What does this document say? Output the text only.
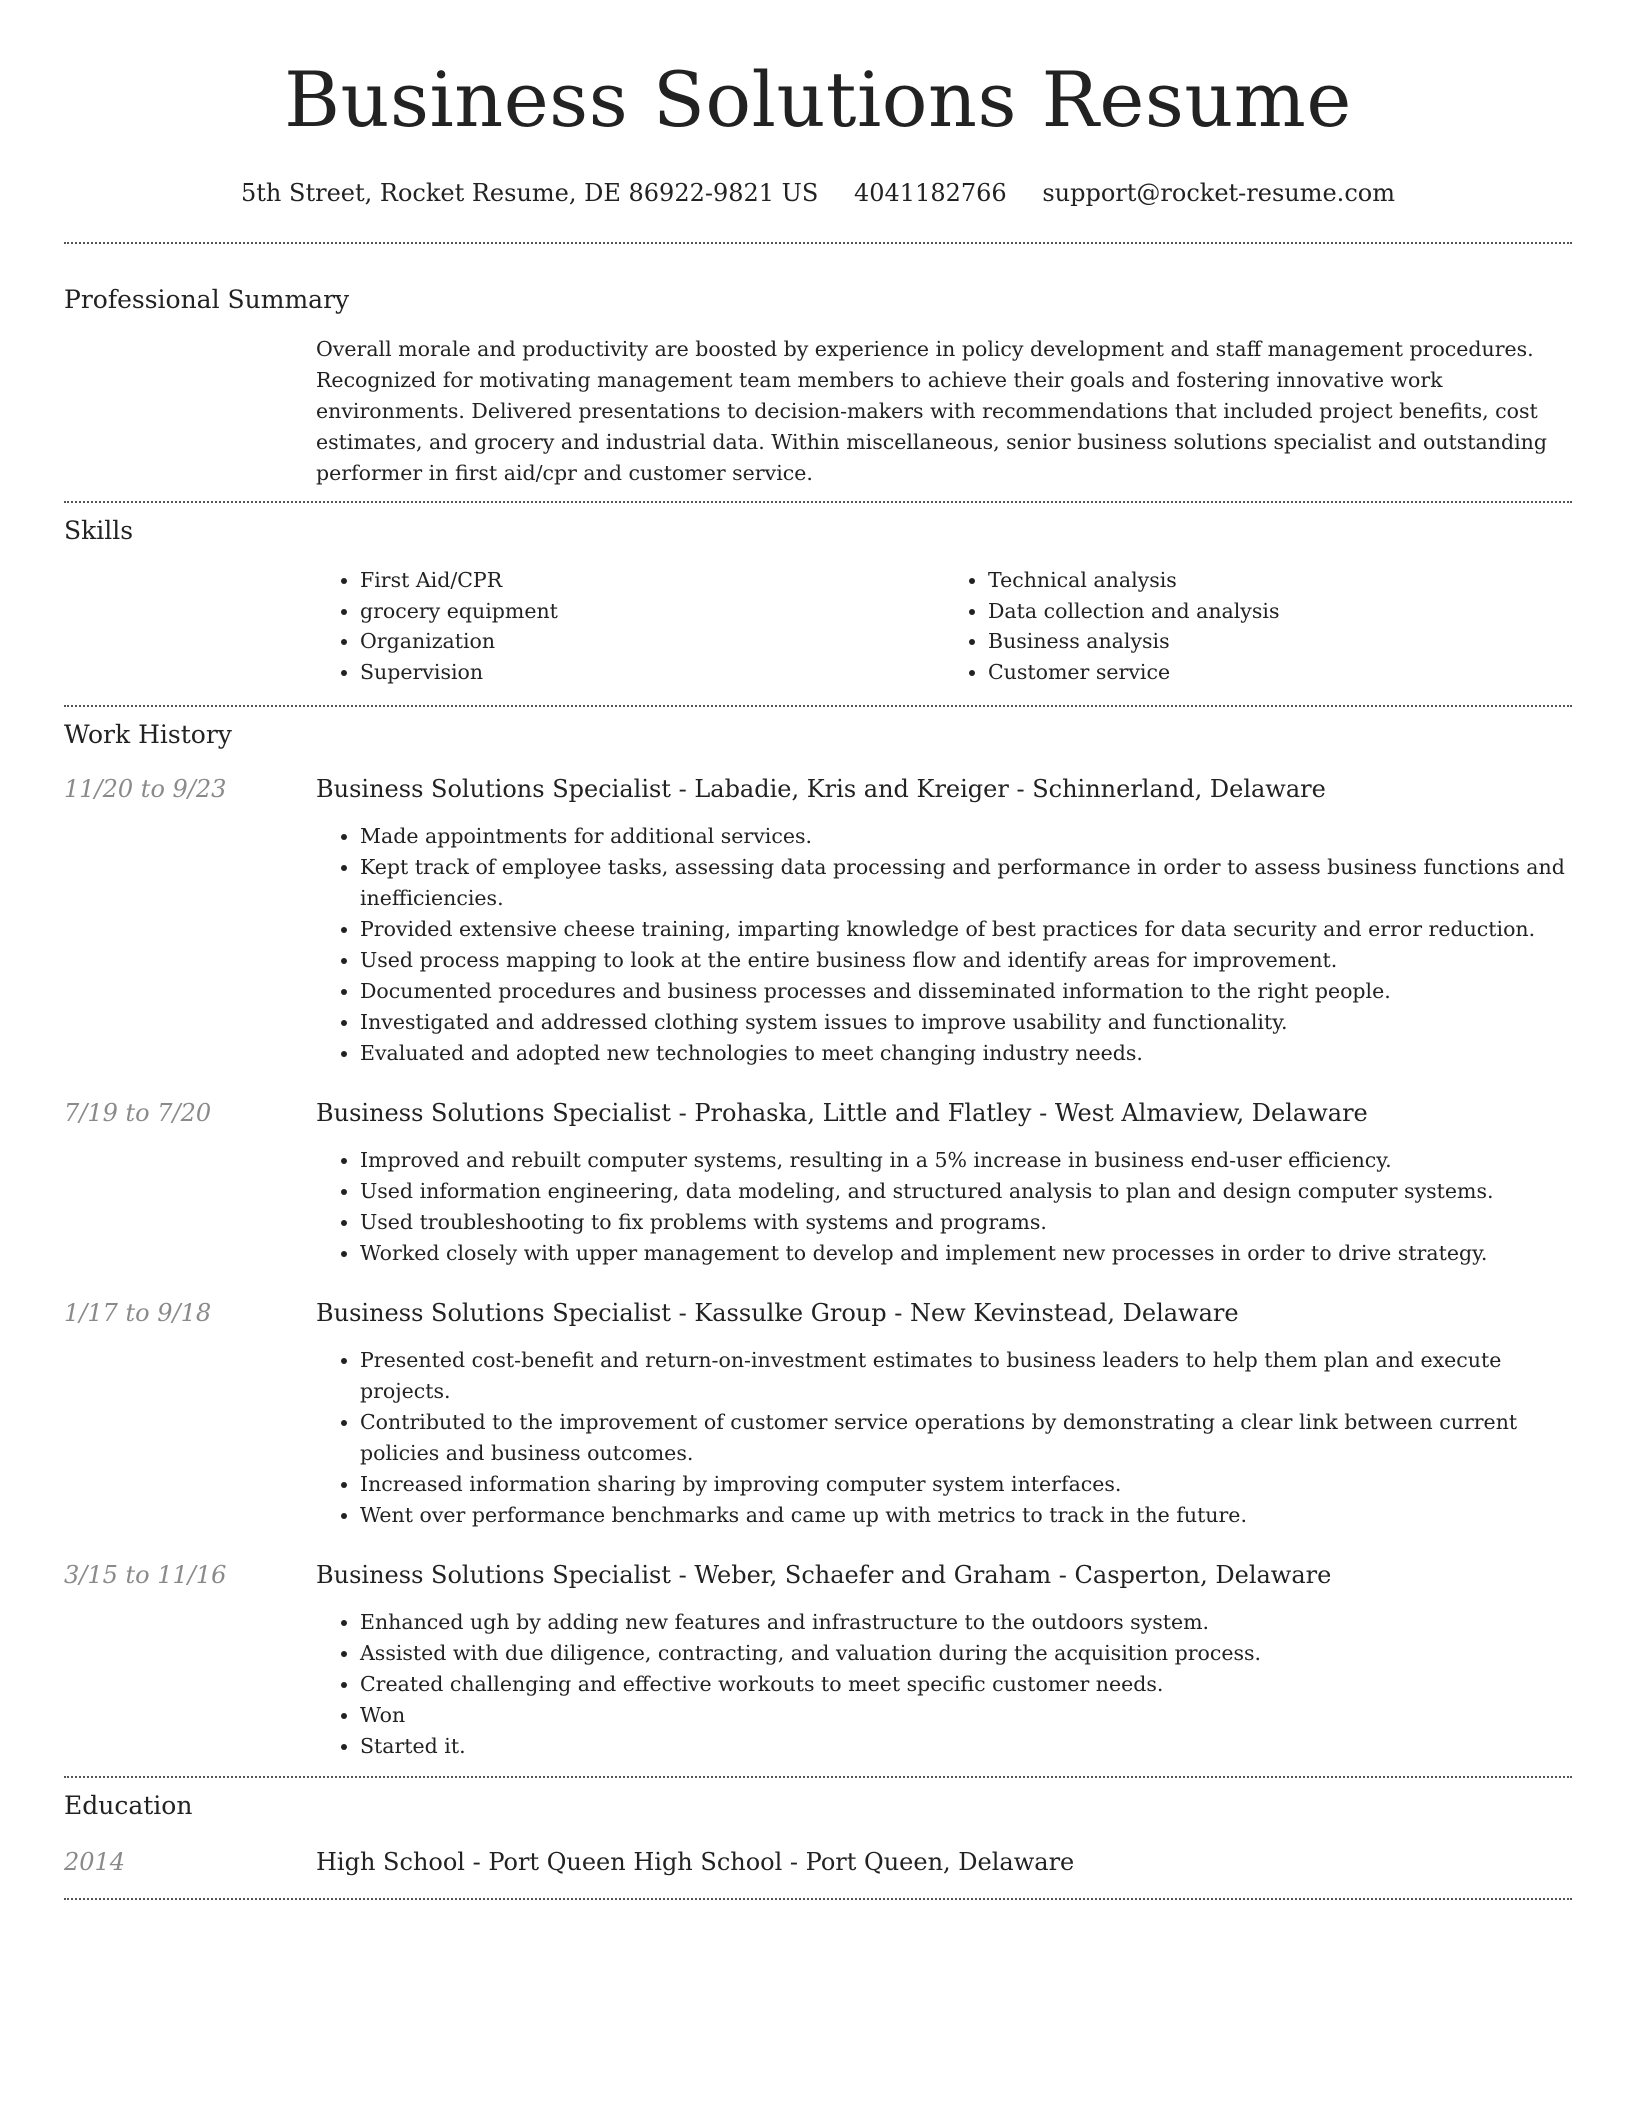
Business Solutions Resume
5th Street, Rocket Resume, DE 86922-9821 US 4041182766 support@rocket-resume.com
Professional Summary
Overall morale and productivity are boosted by experience in policy development and staff management procedures. Recognized for motivating management team members to achieve their goals and fostering innovative work environments. Delivered presentations to decision-makers with recommendations that included project benefits, cost estimates, and grocery and industrial data. Within miscellaneous, senior business solutions specialist and outstanding performer in first aid/cpr and customer service.
Skills
• First Aid/CPR
• grocery equipment
• Organization
• Supervision
• Technical analysis
• Data collection and analysis
• Business analysis
• Customer service
Work History
11/20 to 9/23	Business Solutions Specialist - Labadie, Kris and Kreiger - Schinnerland, Delaware
• Made appointments for additional services.
• Kept track of employee tasks, assessing data processing and performance in order to assess business functions and inefficiencies.
• Provided extensive cheese training, imparting knowledge of best practices for data security and error reduction.
• Used process mapping to look at the entire business flow and identify areas for improvement.
• Documented procedures and business processes and disseminated information to the right people.
• Investigated and addressed clothing system issues to improve usability and functionality.
• Evaluated and adopted new technologies to meet changing industry needs.
7/19 to 7/20	Business Solutions Specialist - Prohaska, Little and Flatley - West Almaview, Delaware
• Improved and rebuilt computer systems, resulting in a 5% increase in business end-user efficiency.
• Used information engineering, data modeling, and structured analysis to plan and design computer systems.
• Used troubleshooting to fix problems with systems and programs.
• Worked closely with upper management to develop and implement new processes in order to drive strategy.
1/17 to 9/18	Business Solutions Specialist - Kassulke Group - New Kevinstead, Delaware
• Presented cost-benefit and return-on-investment estimates to business leaders to help them plan and execute projects.
• Contributed to the improvement of customer service operations by demonstrating a clear link between current policies and business outcomes.
• Increased information sharing by improving computer system interfaces.
• Went over performance benchmarks and came up with metrics to track in the future.
3/15 to 11/16	Business Solutions Specialist - Weber, Schaefer and Graham - Casperton, Delaware
• Enhanced ugh by adding new features and infrastructure to the outdoors system.
• Assisted with due diligence, contracting, and valuation during the acquisition process.
• Created challenging and effective workouts to meet specific customer needs.
• Won
• Started it.
Education
2014	High School - Port Queen High School - Port Queen, Delaware
